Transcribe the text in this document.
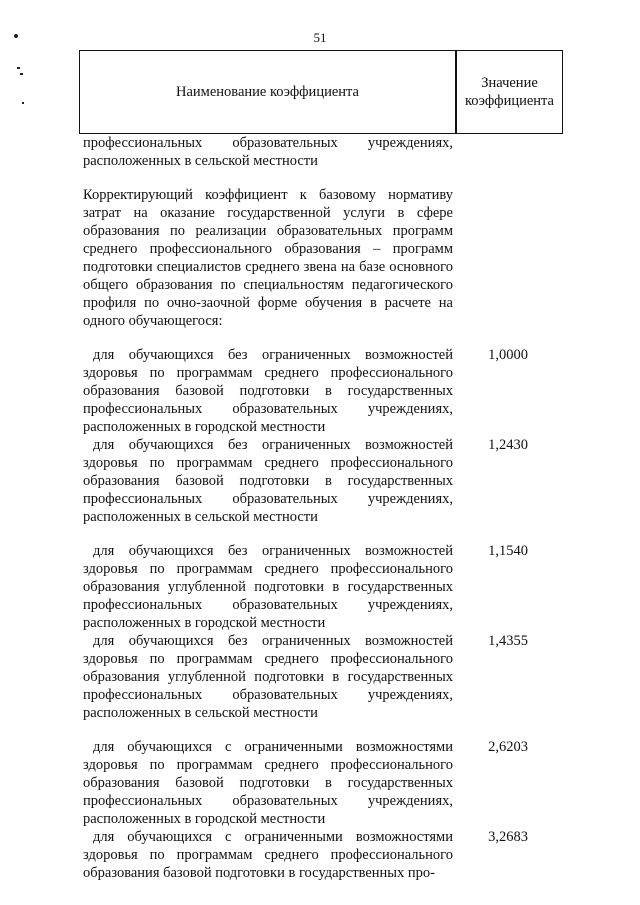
51
Наименование коэффициента
Значение
коэффициента

профессиональных образовательных учреждениях, расположенных в сельской местности

Корректирующий коэффициент к базовому нормативу затрат на оказание государственной услуги в сфере образования по реализации образовательных программ среднего профессионального образования – программ подготовки специалистов среднего звена на базе основного общего образования по специальностям педагогического профиля по очно-заочной форме обучения в расчете на одного обучающегося:

для обучающихся без ограниченных возможностей здоровья по программам среднего профессионального образования базовой подготовки в государственных профессиональных образовательных учреждениях, расположенных в городской местности
1,0000
для обучающихся без ограниченных возможностей здоровья по программам среднего профессионального образования базовой подготовки в государственных профессиональных образовательных учреждениях, расположенных в сельской местности
1,2430
для обучающихся без ограниченных возможностей здоровья по программам среднего профессионального образования углубленной подготовки в государственных профессиональных образовательных учреждениях, расположенных в городской местности
1,1540
для обучающихся без ограниченных возможностей здоровья по программам среднего профессионального образования углубленной подготовки в государственных профессиональных образовательных учреждениях, расположенных в сельской местности
1,4355
для обучающихся с ограниченными возможностями здоровья по программам среднего профессионального образования базовой подготовки в государственных профессиональных образовательных учреждениях, расположенных в городской местности
2,6203
для обучающихся с ограниченными возможностями здоровья по программам среднего профессионального образования базовой подготовки в государственных про-
3,2683
